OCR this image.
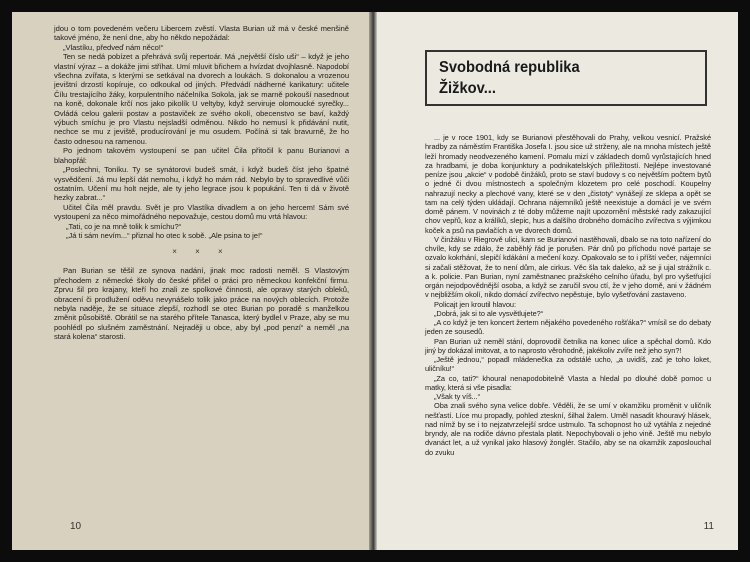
jdou o tom povedeném večeru Libercem zvěstí. Vlasta Burian už má v české menšině takové jméno, že není dne, aby ho někdo nepožádal:

„Vlastíku, předveď nám něco!“

Ten se nedá pobízet a přehrává svůj repertoár. Má „největší číslo uši“ – když je jeho vlastní výraz – a dokáže jimi stříhat. Umí mluvit břichem a hvízdat dvojhlasně. Napodobí všechna zvířata, s kterými se setkával na dvorech a loukách. S dokonalou a vrozenou jevištní drzostí kopíruje, co odkoukal od jiných. Předvádí nádherné karikatury: učitele Čílu trestajícího žáky, korpulentního náčelníka Sokola, jak se marně pokouší nasednout na koně, dokonale krčí nos jako pikolík U veltyby, když serviruje olomoucké syrečky... Ovládá celou galerii postav a postaviček ze svého okolí, obecenstvo se baví, každý výbuch smíchu je pro Vlastu nejsladší odměnou. Nikdo ho nemusí k přidávání nutit, nechce se mu z jeviště, producírování je mu osudem. Počíná si tak bravurně, že ho často odnesou na ramenou.

Po jednom takovém vystoupení se pan učitel Čila přitočil k panu Burianovi a blahopřál:

„Poslechni, Toníku. Ty se synátorovi budeš smát, i když budeš číst jeho špatné vysvědčení. Já mu lepší dát nemohu, i když ho mám rád. Nebylo by to spravedlivé vůči ostatním. Učení mu holt nejde, ale ty jeho legrace jsou k popukání. Ten ti dá v životě hezky zabrat...“

Učitel Čila měl pravdu. Svět je pro Vlastíka divadlem a on jeho hercem! Sám své vystoupení za něco mimořádného nepovažuje, cestou domů mu vrtá hlavou:

„Tati, co je na mně tolik k smíchu?“

„Já ti sám nevím...“ přiznal ho otec k sobě. „Ale psina to je!“

× × ×

Pan Burian se těšil ze synova nadání, jinak moc radosti neměl. S Vlastovým přechodem z německé školy do české přišel o práci pro německou konfekční firmu. Zprvu šil pro krajany, kteří ho znali ze spolkové činnosti, ale opravy starých obleků, obracení či prodlužení oděvu nevynášelo tolik jako práce na nových oblecích. Protože nebyla naděje, že se situace zlepší, rozhodl se otec Burian po poradě s manželkou změnit působiště. Obrátil se na starého přítele Tanasca, který bydlel v Praze, aby se mu poohlédl po slušném zaměstnání. Nejraději u obce, aby byl „pod penzí“ a neměl „na stará kolena“ starosti.

10
Svobodná republika
Žižkov...

... je v roce 1901, kdy se Burianovi přestěhovali do Prahy, velkou vesnicí. Pražské hradby za náměstím Františka Josefa I. jsou sice už strženy, ale na mnoha místech ještě leží hromady neodvezeného kamení. Pomalu mizí v základech domů vyrůstajících hned za hradbami, je doba konjunktury a podnikatelských příležitostí. Nejlépe investované peníze jsou „akcie“ v podobě činžáků, proto se staví budovy s co největším počtem bytů o jedné či dvou místnostech a společným klozetem pro celé poschodí. Koupelny nahrazují necky a plechové vany, které se v den „čistoty“ vynášejí ze sklepa a opět se tam na celý týden ukládají. Ochrana nájemníků ještě neexistuje a domácí je ve svém domě pánem. V novinách z té doby můžeme najít upozornění městské rady zakazující chov vepřů, koz a králíků, slepic, hus a dalšího drobného domácího zvířectva s výjimkou koček a psů na pavlačích a ve dvorech domů.

V činžáku v Riegrově ulici, kam se Burianovi nastěhovali, dbalo se na toto nařízení do chvíle, kdy se zdálo, že zaběhlý řád je porušen. Pár dnů po příchodu nové partaje se ozvalo kokrhání, slepičí kdákání a mečení kozy. Opakovalo se to i příští večer, nájemníci si začali stěžovat, že to není dům, ale cirkus. Věc šla tak daleko, až se ji ujal strážník c. a k. policie. Pan Burian, nyní zaměstnanec pražského celního úřadu, byl pro vyšetřující orgán nejodpovědnější osoba, a když se zaručil svou ctí, že v jeho domě, ani v žádném v nejbližším okolí, nikdo domácí zvířectvo nepěstuje, bylo vyšetřování zastaveno.

Policajt jen kroutil hlavou:

„Dobrá, jak si to ale vysvětlujete?“

„A co když je ten koncert žertem nějakého povedeného rošťáka?“ vmísil se do debaty jeden ze sousedů.

Pan Burian už neměl stání, doprovodil četníka na konec ulice a spěchal domů. Kdo jiný by dokázal imitovat, a to naprosto věrohodně, jakékoliv zvíře než jeho syn?!

„Ještě jednou,“ popadl mládenečka za odstálé ucho, „a uvidíš, zač je toho loket, uličníku!“

„Za co, tati?“ khoural nenapodobitelně Vlasta a hledal po dlouhé době pomoc u matky, která si vše pisadla:

„Však ty víš...“

Oba znali svého syna velice dobře. Věděli, že se umí v okamžiku proměnit v uličník nešťastí. Líce mu propadly, pohled zteskní, šilhal žalem. Uměl nasadit khouravý hlásek, nad nímž by se i to nejzatvrzelejší srdce ustmulo. Ta schopnost ho už vytáhla z nejedné bryndy, ale na rodiče dávno přestala platit. Nepochybovali o jeho vině. Ještě mu nebylo dvanáct let, a už vynikal jako hlasový žonglér. Stačilo, aby se na okamžik zaposlouchal do zvuku

11
